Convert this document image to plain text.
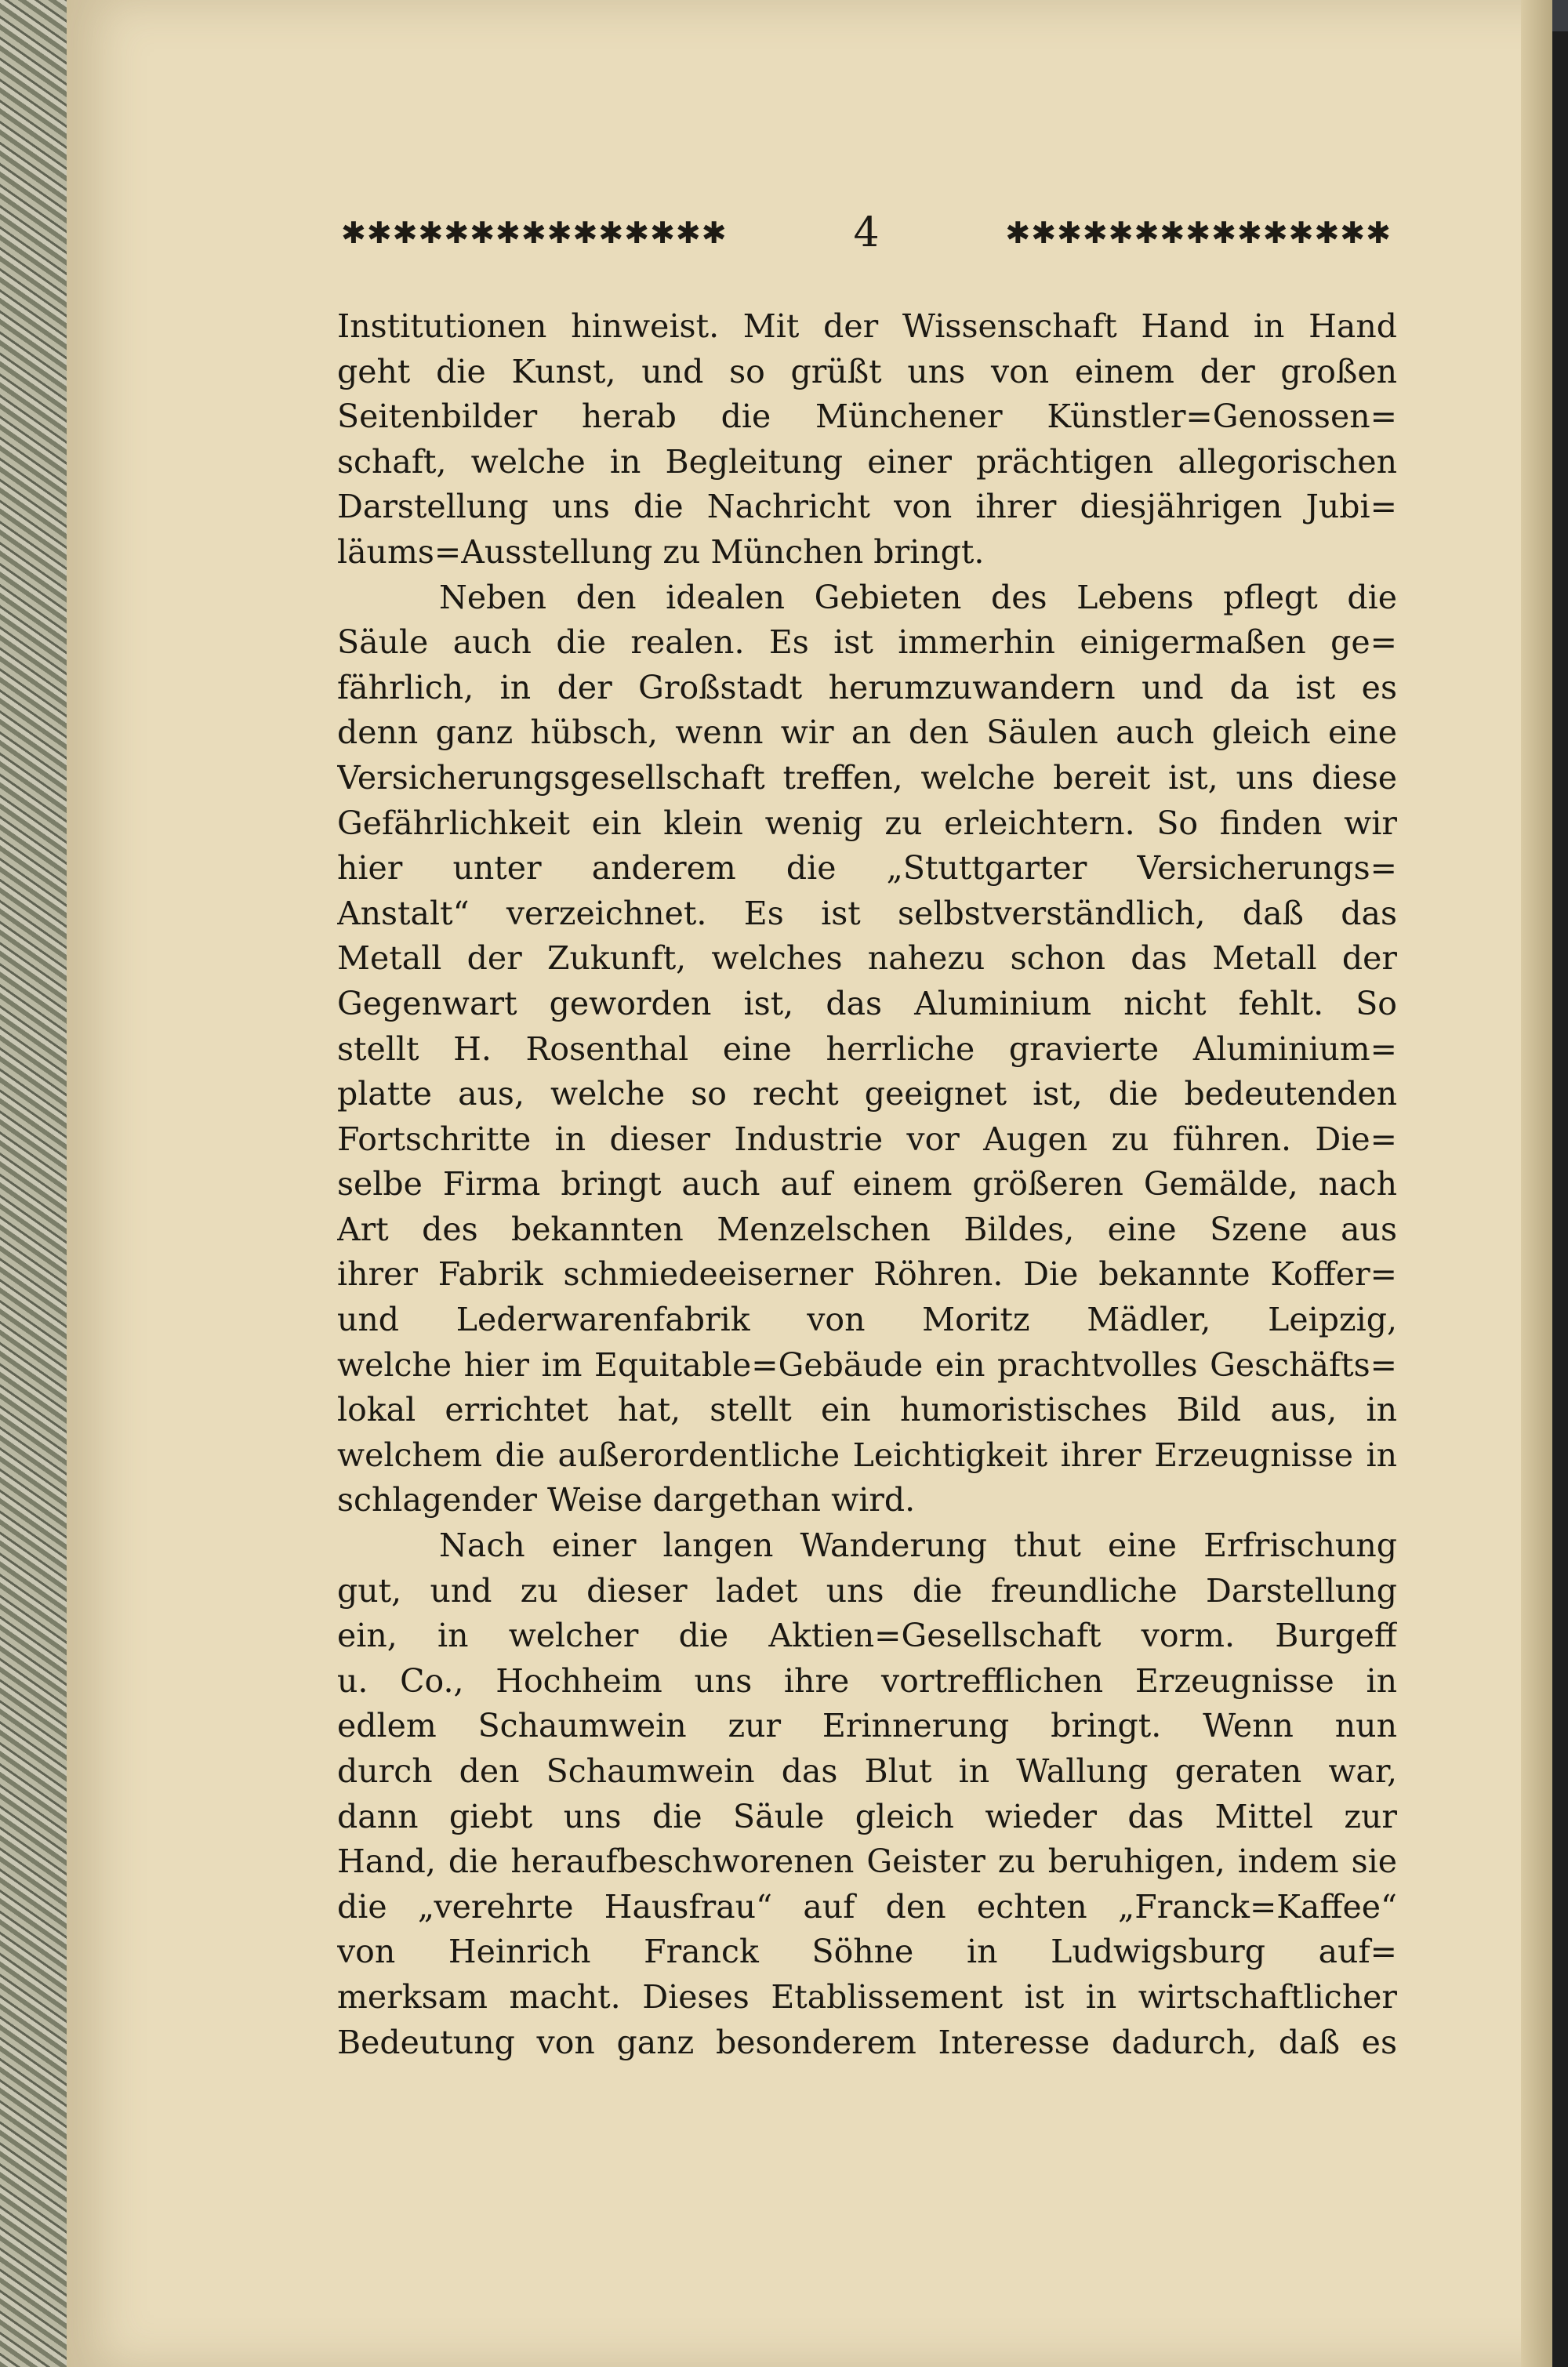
✱✱✱✱✱✱✱✱✱✱✱✱✱✱✱	4	✱✱✱✱✱✱✱✱✱✱✱✱✱✱✱
Institutionen hinweist. Mit der Wissenschaft Hand in Hand
geht die Kunst, und so grüßt uns von einem der großen
Seitenbilder herab die Münchener Künstler=Genossen=
schaft, welche in Begleitung einer prächtigen allegorischen
Darstellung uns die Nachricht von ihrer diesjährigen Jubi=
läums=Ausstellung zu München bringt.
Neben den idealen Gebieten des Lebens pflegt die
Säule auch die realen. Es ist immerhin einigermaßen ge=
fährlich, in der Großstadt herumzuwandern und da ist es
denn ganz hübsch, wenn wir an den Säulen auch gleich eine
Versicherungsgesellschaft treffen, welche bereit ist, uns diese
Gefährlichkeit ein klein wenig zu erleichtern. So finden wir
hier unter anderem die „Stuttgarter Versicherungs=
Anstalt“ verzeichnet. Es ist selbstverständlich, daß das
Metall der Zukunft, welches nahezu schon das Metall der
Gegenwart geworden ist, das Aluminium nicht fehlt. So
stellt H. Rosenthal eine herrliche gravierte Aluminium=
platte aus, welche so recht geeignet ist, die bedeutenden
Fortschritte in dieser Industrie vor Augen zu führen. Die=
selbe Firma bringt auch auf einem größeren Gemälde, nach
Art des bekannten Menzelschen Bildes, eine Szene aus
ihrer Fabrik schmiedeeiserner Röhren. Die bekannte Koffer=
und Lederwarenfabrik von Moritz Mädler, Leipzig,
welche hier im Equitable=Gebäude ein prachtvolles Geschäfts=
lokal errichtet hat, stellt ein humoristisches Bild aus, in
welchem die außerordentliche Leichtigkeit ihrer Erzeugnisse in
schlagender Weise dargethan wird.
Nach einer langen Wanderung thut eine Erfrischung
gut, und zu dieser ladet uns die freundliche Darstellung
ein, in welcher die Aktien=Gesellschaft vorm. Burgeff
u. Co., Hochheim uns ihre vortrefflichen Erzeugnisse in
edlem Schaumwein zur Erinnerung bringt. Wenn nun
durch den Schaumwein das Blut in Wallung geraten war,
dann giebt uns die Säule gleich wieder das Mittel zur
Hand, die heraufbeschworenen Geister zu beruhigen, indem sie
die „verehrte Hausfrau“ auf den echten „Franck=Kaffee“
von Heinrich Franck Söhne in Ludwigsburg auf=
merksam macht. Dieses Etablissement ist in wirtschaftlicher
Bedeutung von ganz besonderem Interesse dadurch, daß es
